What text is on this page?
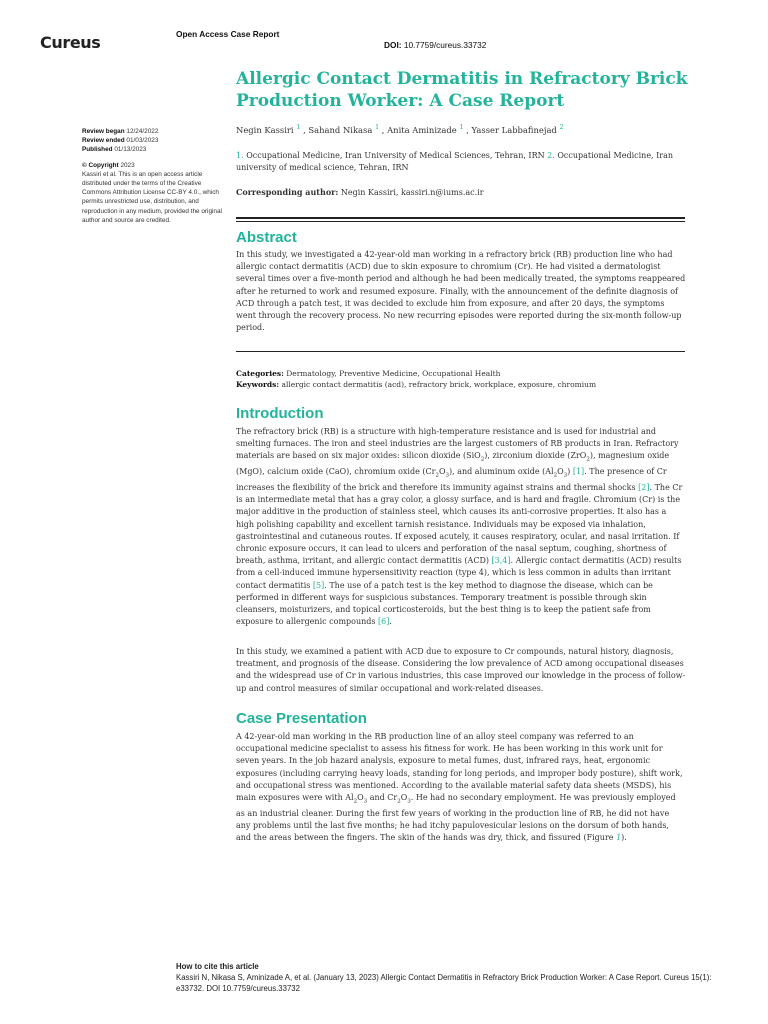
Cureus	Open Access Case Report
DOI: 10.7759/cureus.33732
Allergic Contact Dermatitis in Refractory Brick Production Worker: A Case Report
Negin Kassiri $^1$ , Sahand Nikasa $^1$ , Anita Aminizade $^1$ , Yasser Labbafinejad $^2$
1. Occupational Medicine, Iran University of Medical Sciences, Tehran, IRN 2. Occupational Medicine, Iran university of medical science, Tehran, IRN
Corresponding author: Negin Kassiri, kassiri.n@iums.ac.ir
Review began 12/24/2022
Review ended 01/03/2023
Published 01/13/2023
© Copyright 2023
Kassiri et al. This is an open access article distributed under the terms of the Creative Commons Attribution License CC-BY 4.0., which permits unrestricted use, distribution, and reproduction in any medium, provided the original author and source are credited.
Abstract

In this study, we investigated a 42-year-old man working in a refractory brick (RB) production line who had allergic contact dermatitis (ACD) due to skin exposure to chromium (Cr). He had visited a dermatologist several times over a five-month period and although he had been medically treated, the symptoms reappeared after he returned to work and resumed exposure. Finally, with the announcement of the definite diagnosis of ACD through a patch test, it was decided to exclude him from exposure, and after 20 days, the symptoms went through the recovery process. No new recurring episodes were reported during the six-month follow-up period.

Categories: Dermatology, Preventive Medicine, Occupational Health
Keywords: allergic contact dermatitis (acd), refractory brick, workplace, exposure, chromium
Introduction

The refractory brick (RB) is a structure with high-temperature resistance and is used for industrial and smelting furnaces. The iron and steel industries are the largest customers of RB products in Iran. Refractory materials are based on six major oxides: silicon dioxide (SiO$_2$), zirconium dioxide (ZrO$_2$), magnesium oxide (MgO), calcium oxide (CaO), chromium oxide $(Cr_2O_3)$, and aluminum oxide $(Al_2O_3)$ [1]. The presence of Cr increases the flexibility of the brick and therefore its immunity against strains and thermal shocks [2]. The Cr is an intermediate metal that has a gray color, a glossy surface, and is hard and fragile. Chromium (Cr) is the major additive in the production of stainless steel, which causes its anti-corrosive properties. It also has a high polishing capability and excellent tarnish resistance. Individuals may be exposed via inhalation, gastrointestinal and cutaneous routes. If exposed acutely, it causes respiratory, ocular, and nasal irritation. If chronic exposure occurs, it can lead to ulcers and perforation of the nasal septum, coughing, shortness of breath, asthma, irritant, and allergic contact dermatitis (ACD) [3,4]. Allergic contact dermatitis (ACD) results from a cell-induced immune hypersensitivity reaction (type 4), which is less common in adults than irritant contact dermatitis [5]. The use of a patch test is the key method to diagnose the disease, which can be performed in different ways for suspicious substances. Temporary treatment is possible through skin cleansers, moisturizers, and topical corticosteroids, but the best thing is to keep the patient safe from exposure to allergenic compounds [6].

In this study, we examined a patient with ACD due to exposure to Cr compounds, natural history, diagnosis, treatment, and prognosis of the disease. Considering the low prevalence of ACD among occupational diseases and the widespread use of Cr in various industries, this case improved our knowledge in the process of follow-up and control measures of similar occupational and work-related diseases.

Case Presentation

A 42-year-old man working in the RB production line of an alloy steel company was referred to an occupational medicine specialist to assess his fitness for work. He has been working in this work unit for seven years. In the job hazard analysis, exposure to metal fumes, dust, infrared rays, heat, ergonomic exposures (including carrying heavy loads, standing for long periods, and improper body posture), shift work, and occupational stress was mentioned. According to the available material safety data sheets (MSDS), his main exposures were with $Al_2O_3$ and $Cr_2O_3$. He had no secondary employment. He was previously employed as an industrial cleaner. During the first few years of working in the production line of RB, he did not have any problems until the last five months; he had itchy papulovesicular lesions on the dorsum of both hands, and the areas between the fingers. The skin of the hands was dry, thick, and fissured (Figure 1).

How to cite this article
Kassiri N, Nikasa S, Aminizade A, et al. (January 13, 2023) Allergic Contact Dermatitis in Refractory Brick Production Worker: A Case Report. Cureus 15(1): e33732. DOI 10.7759/cureus.33732
